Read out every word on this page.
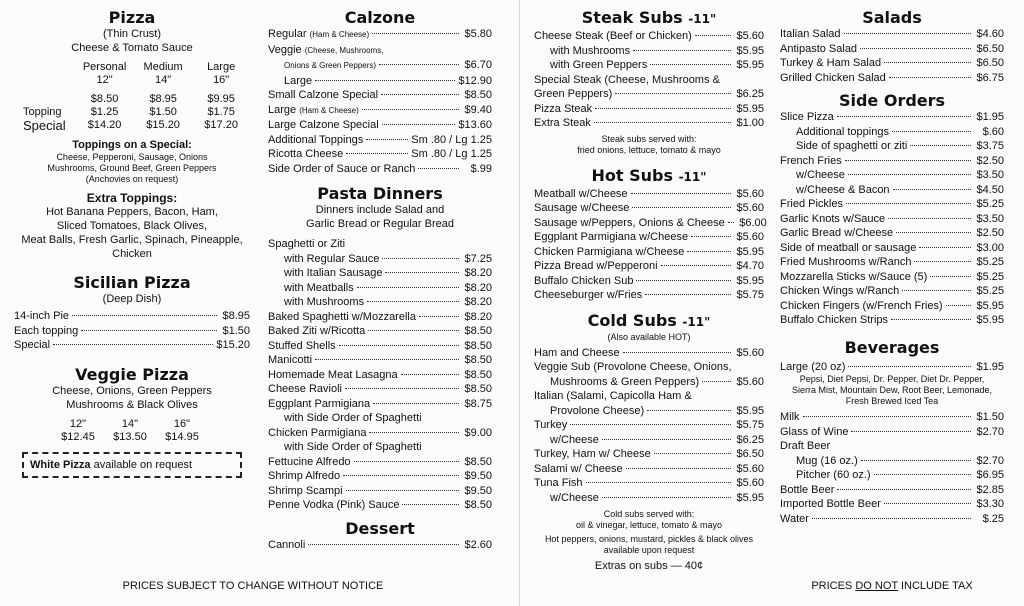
Pizza
(Thin Crust)
Cheese & Tomato Sauce
	Personal	Medium	Large
	12"	14"	16"

	$8.50	$8.95	$9.95
Topping	$1.25	$1.50	$1.75
Special	$14.20	$15.20	$17.20
Toppings on a Special:
Cheese, Pepperoni, Sausage, Onions
Mushrooms, Ground Beef, Green Peppers
(Anchovies on request)
Extra Toppings:
Hot Banana Peppers, Bacon, Ham,
Sliced Tomatoes, Black Olives,
Meat Balls, Fresh Garlic, Spinach, Pineapple,
Chicken
Sicilian Pizza
(Deep Dish)
14-inch Pie	$8.95
Each topping	$1.50
Special	$15.20
Veggie Pizza
Cheese, Onions, Green Peppers
Mushrooms & Black Olives
12"	14"	16"
$12.45	$13.50	$14.95
White Pizza available on request
Calzone
Regular (Ham & Cheese)	$5.80
Veggie (Cheese, Mushrooms,
Onions & Green Peppers)	$6.70
Large	$12.90
Small Calzone Special	$8.50
Large (Ham & Cheese)	$9.40
Large Calzone Special	$13.60
Additional Toppings	Sm .80 / Lg 1.25
Ricotta Cheese	Sm .80 / Lg 1.25
Side Order of Sauce or Ranch	$.99
Pasta Dinners
Dinners include Salad and
Garlic Bread or Regular Bread
Spaghetti or Ziti
with Regular Sauce	$7.25
with Italian Sausage	$8.20
with Meatballs	$8.20
with Mushrooms	$8.20
Baked Spaghetti w/Mozzarella	$8.20
Baked Ziti w/Ricotta	$8.50
Stuffed Shells	$8.50
Manicotti	$8.50
Homemade Meat Lasagna	$8.50
Cheese Ravioli	$8.50
Eggplant Parmigiana	$8.75
with Side Order of Spaghetti
Chicken Parmigiana	$9.00
with Side Order of Spaghetti
Fettucine Alfredo	$8.50
Shrimp Alfredo	$9.50
Shrimp Scampi	$9.50
Penne Vodka (Pink) Sauce	$8.50
Dessert
Cannoli	$2.60
Steak Subs -11"
Cheese Steak (Beef or Chicken)	$5.60
with Mushrooms	$5.95
with Green Peppers	$5.95
Special Steak (Cheese, Mushrooms &
Green Peppers)	$6.25
Pizza Steak	$5.95
Extra Steak	$1.00
Steak subs served with:
fried onions, lettuce, tomato & mayo
Hot Subs -11"
Meatball w/Cheese	$5.60
Sausage w/Cheese	$5.60
Sausage w/Peppers, Onions & Cheese $6.00
Eggplant Parmigiana w/Cheese	$5.60
Chicken Parmigiana w/Cheese	$5.95
Pizza Bread w/Pepperoni	$4.70
Buffalo Chicken Sub	$5.95
Cheeseburger w/Fries	$5.75
Cold Subs -11"
(Also available HOT)
Ham and Cheese	$5.60
Veggie Sub (Provolone Cheese, Onions,
Mushrooms & Green Peppers)	$5.60
Italian (Salami, Capicolla Ham &
Provolone Cheese)	$5.95
Turkey	$5.75
w/Cheese	$6.25
Turkey, Ham w/ Cheese	$6.50
Salami w/ Cheese	$5.60
Tuna Fish	$5.60
w/Cheese	$5.95
Cold subs served with:
oil & vinegar, lettuce, tomato & mayo
Hot peppers, onions, mustard, pickles & black olives
available upon request
Extras on subs — 40¢
Salads
Italian Salad	$4.60
Antipasto Salad	$6.50
Turkey & Ham Salad	$6.50
Grilled Chicken Salad	$6.75
Side Orders
Slice Pizza	$1.95
Additional toppings	$.60
Side of spaghetti or ziti	$3.75
French Fries	$2.50
w/Cheese	$3.50
w/Cheese & Bacon	$4.50
Fried Pickles	$5.25
Garlic Knots w/Sauce	$3.50
Garlic Bread w/Cheese	$2.50
Side of meatball or sausage	$3.00
Fried Mushrooms w/Ranch	$5.25
Mozzarella Sticks w/Sauce (5)	$5.25
Chicken Wings w/Ranch	$5.25
Chicken Fingers (w/French Fries)	$5.95
Buffalo Chicken Strips	$5.95
Beverages
Large (20 oz)	$1.95
Pepsi, Diet Pepsi, Dr. Pepper, Diet Dr. Pepper,
Sierra Mist, Mountain Dew, Root Beer, Lemonade,
Fresh Brewed Iced Tea
Milk	$1.50
Glass of Wine	$2.70
Draft Beer
Mug (16 oz.)	$2.70
Pitcher (60 oz.)	$6.95
Bottle Beer	$2.85
Imported Bottle Beer	$3.30
Water	$.25
PRICES SUBJECT TO CHANGE WITHOUT NOTICE	PRICES DO NOT INCLUDE TAX
